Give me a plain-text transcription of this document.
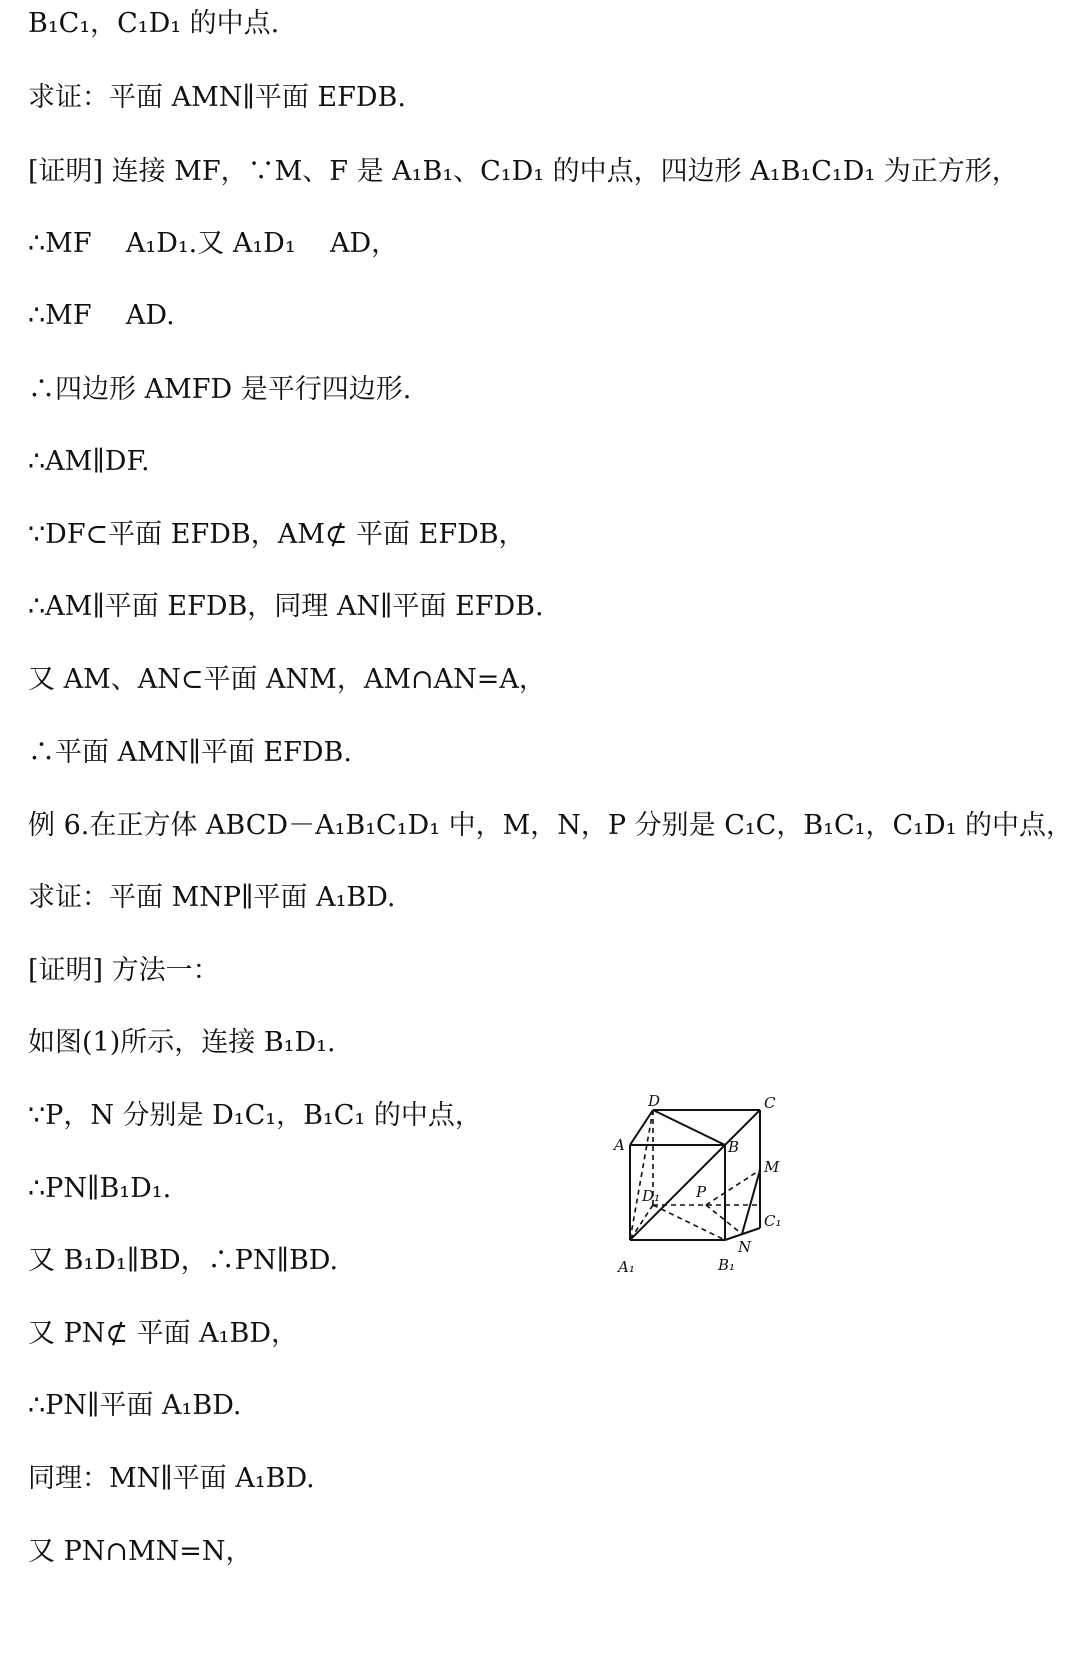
B₁C₁，C₁D₁ 的中点.
求证：平面 AMN∥平面 EFDB.
[证明] 连接 MF，∵M、F 是 A₁B₁、C₁D₁ 的中点，四边形 A₁B₁C₁D₁ 为正方形，
∴MF    A₁D₁.又 A₁D₁    AD，
∴MF    AD.
∴四边形 AMFD 是平行四边形.
∴AM∥DF.
∵DF⊂平面 EFDB，AM⊄ 平面 EFDB，
∴AM∥平面 EFDB，同理 AN∥平面 EFDB.
又 AM、AN⊂平面 ANM，AM∩AN=A，
∴平面 AMN∥平面 EFDB.
例 6.在正方体 ABCD－A₁B₁C₁D₁ 中，M，N，P 分别是 C₁C，B₁C₁，C₁D₁ 的中点，
求证：平面 MNP∥平面 A₁BD.
[证明] 方法一：
如图(1)所示，连接 B₁D₁.
∵P，N 分别是 D₁C₁，B₁C₁ 的中点，
∴PN∥B₁D₁.
又 B₁D₁∥BD，∴PN∥BD.
又 PN⊄ 平面 A₁BD，
∴PN∥平面 A₁BD.
同理：MN∥平面 A₁BD.
又 PN∩MN=N，
D	C
A	B
M
D₁ P
C₁
N
A₁	B₁
